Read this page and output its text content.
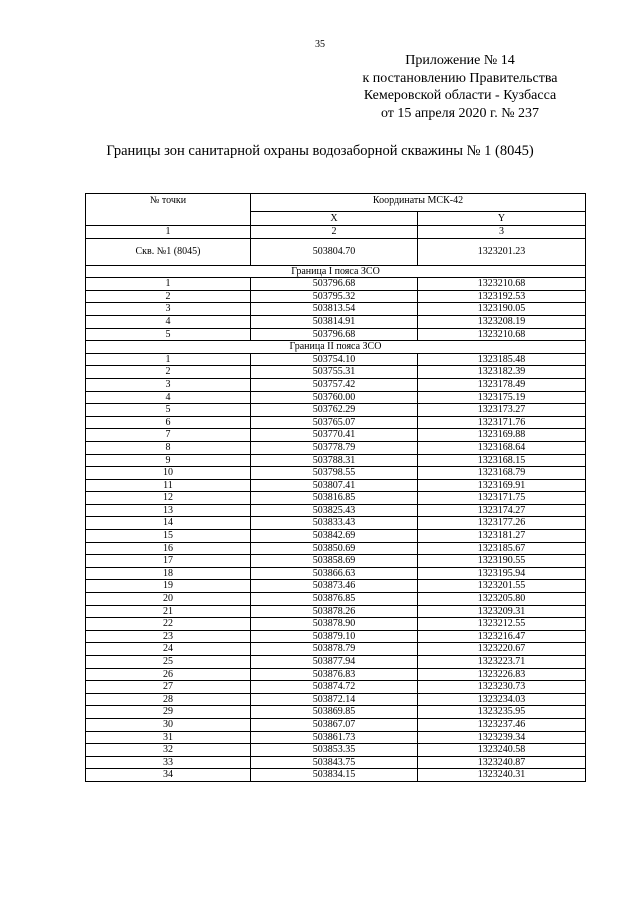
35
Приложение № 14
к постановлению Правительства
Кемеровской области - Кузбасса
от 15 апреля 2020 г. № 237
Границы зон санитарной охраны водозаборной скважины № 1 (8045)
№ точки	Координаты МСК-42	
	X	Y
1	2	3
Скв. №1 (8045)	503804.70	1323201.23
Граница I пояса ЗСО		
1	503796.68	1323210.68
2	503795.32	1323192.53
3	503813.54	1323190.05
4	503814.91	1323208.19
5	503796.68	1323210.68
Граница II пояса ЗСО		
1	503754.10	1323185.48
2	503755.31	1323182.39
3	503757.42	1323178.49
4	503760.00	1323175.19
5	503762.29	1323173.27
6	503765.07	1323171.76
7	503770.41	1323169.88
8	503778.79	1323168.64
9	503788.31	1323168.15
10	503798.55	1323168.79
11	503807.41	1323169.91
12	503816.85	1323171.75
13	503825.43	1323174.27
14	503833.43	1323177.26
15	503842.69	1323181.27
16	503850.69	1323185.67
17	503858.69	1323190.55
18	503866.63	1323195.94
19	503873.46	1323201.55
20	503876.85	1323205.80
21	503878.26	1323209.31
22	503878.90	1323212.55
23	503879.10	1323216.47
24	503878.79	1323220.67
25	503877.94	1323223.71
26	503876.83	1323226.83
27	503874.72	1323230.73
28	503872.14	1323234.03
29	503869.85	1323235.95
30	503867.07	1323237.46
31	503861.73	1323239.34
32	503853.35	1323240.58
33	503843.75	1323240.87
34	503834.15	1323240.31
